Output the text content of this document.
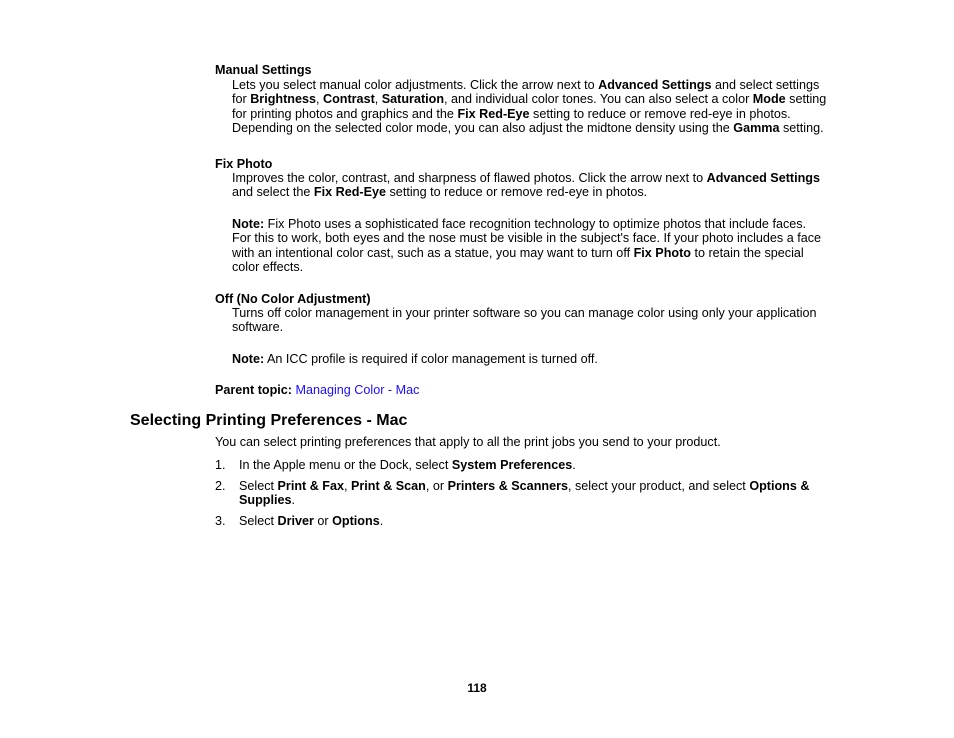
Manual Settings
Lets you select manual color adjustments. Click the arrow next to Advanced Settings and select settings for Brightness, Contrast, Saturation, and individual color tones. You can also select a color Mode setting for printing photos and graphics and the Fix Red-Eye setting to reduce or remove red-eye in photos. Depending on the selected color mode, you can also adjust the midtone density using the Gamma setting.
Fix Photo
Improves the color, contrast, and sharpness of flawed photos. Click the arrow next to Advanced Settings and select the Fix Red-Eye setting to reduce or remove red-eye in photos.
Note: Fix Photo uses a sophisticated face recognition technology to optimize photos that include faces. For this to work, both eyes and the nose must be visible in the subject's face. If your photo includes a face with an intentional color cast, such as a statue, you may want to turn off Fix Photo to retain the special color effects.
Off (No Color Adjustment)
Turns off color management in your printer software so you can manage color using only your application software.
Note: An ICC profile is required if color management is turned off.
Parent topic: Managing Color - Mac
Selecting Printing Preferences - Mac
You can select printing preferences that apply to all the print jobs you send to your product.
1.	In the Apple menu or the Dock, select System Preferences.
2.	Select Print & Fax, Print & Scan, or Printers & Scanners, select your product, and select Options & Supplies.
3.	Select Driver or Options.
118
